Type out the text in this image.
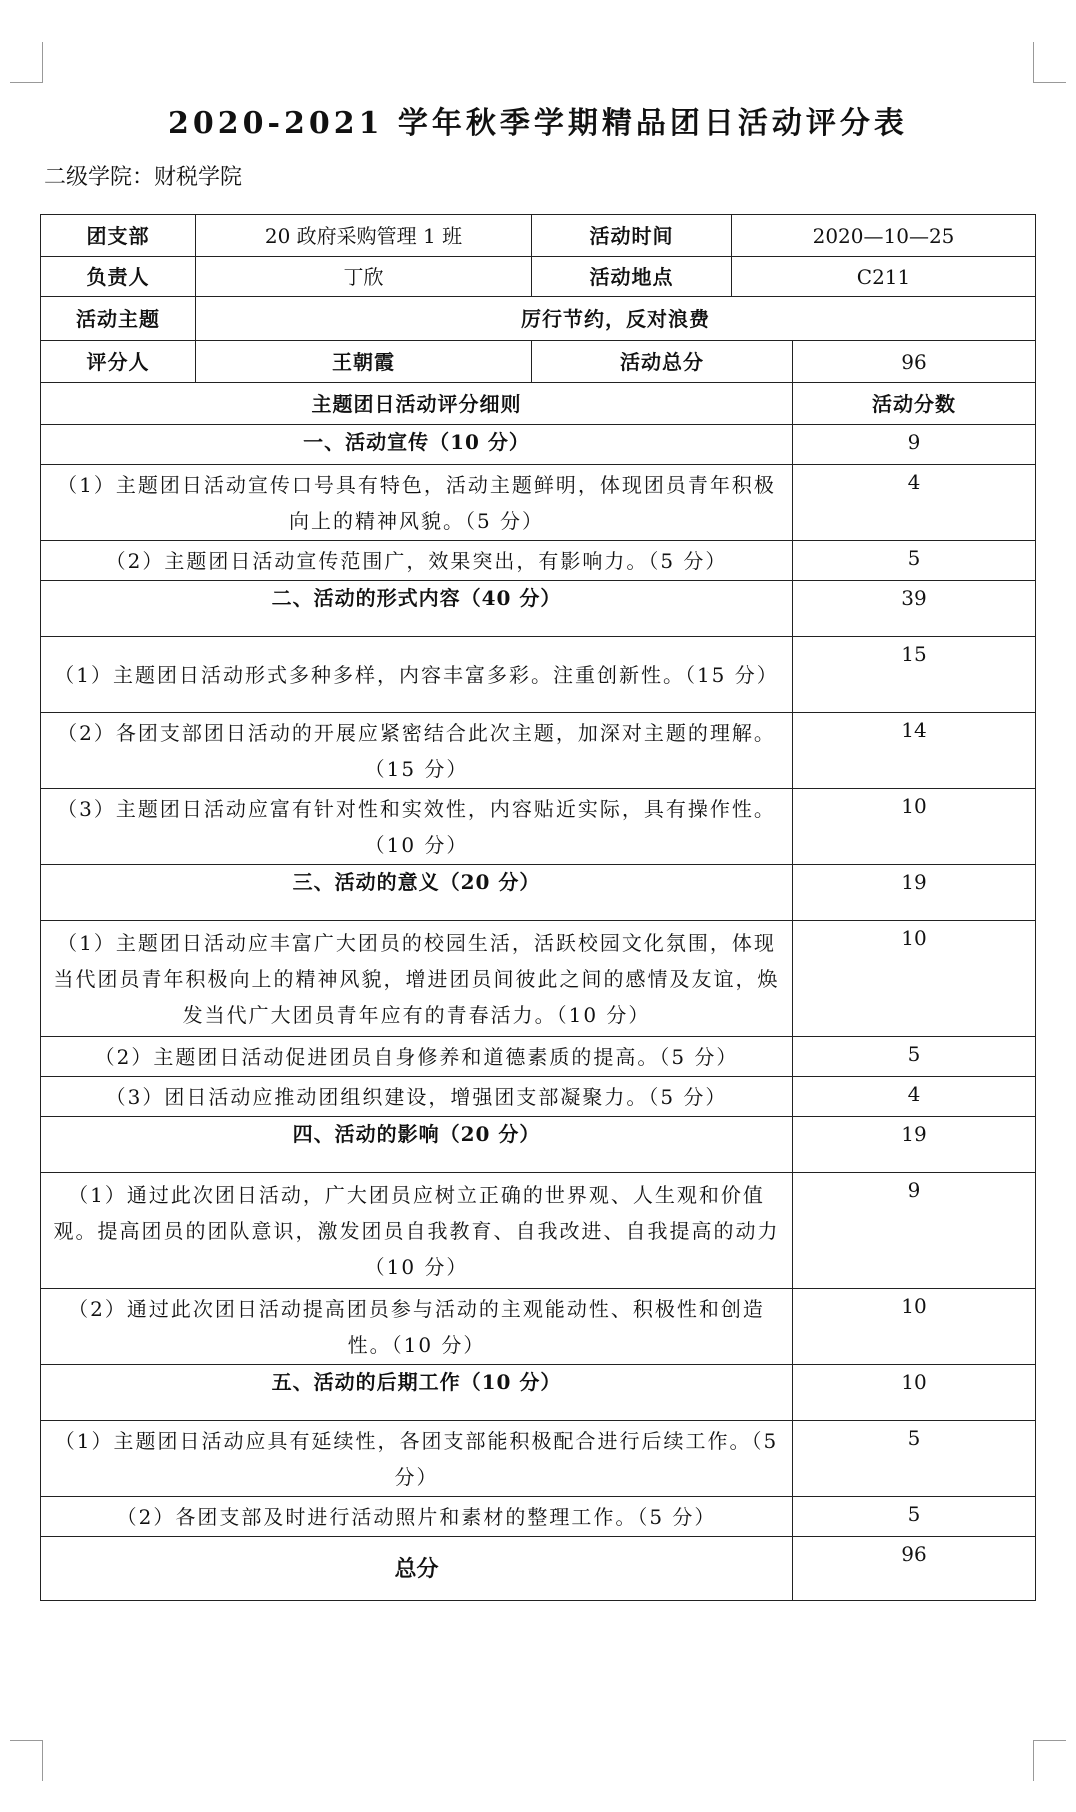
2020-2021 学年秋季学期精品团日活动评分表
二级学院：财税学院
团支部	20 政府采购管理 1 班	活动时间	2020—10—25	
负责人	丁欣	活动地点	C211	
活动主题	厉行节约，反对浪费			
评分人	王朝霞	活动总分		96
主题团日活动评分细则				活动分数
一、活动宣传（10 分）				9
（1）主题团日活动宣传口号具有特色，活动主题鲜明，体现团员青年积极向上的精神风貌。（5 分）				4
（2）主题团日活动宣传范围广，效果突出，有影响力。（5 分）				5
二、活动的形式内容（40 分）				39
（1）主题团日活动形式多种多样，内容丰富多彩。注重创新性。（15 分）				15
（2）各团支部团日活动的开展应紧密结合此次主题，加深对主题的理解。（15 分）				14
（3）主题团日活动应富有针对性和实效性，内容贴近实际，具有操作性。（10 分）				10
三、活动的意义（20 分）				19
（1）主题团日活动应丰富广大团员的校园生活，活跃校园文化氛围，体现当代团员青年积极向上的精神风貌，增进团员间彼此之间的感情及友谊，焕发当代广大团员青年应有的青春活力。（10 分）				10
（2）主题团日活动促进团员自身修养和道德素质的提高。（5 分）				5
（3）团日活动应推动团组织建设，增强团支部凝聚力。（5 分）				4
四、活动的影响（20 分）				19
（1）通过此次团日活动，广大团员应树立正确的世界观、人生观和价值观。提高团员的团队意识，激发团员自我教育、自我改进、自我提高的动力（10 分）				9
（2）通过此次团日活动提高团员参与活动的主观能动性、积极性和创造性。（10 分）				10
五、活动的后期工作（10 分）				10
（1）主题团日活动应具有延续性，各团支部能积极配合进行后续工作。（5 分）				5
（2）各团支部及时进行活动照片和素材的整理工作。（5 分）				5
总分				96
